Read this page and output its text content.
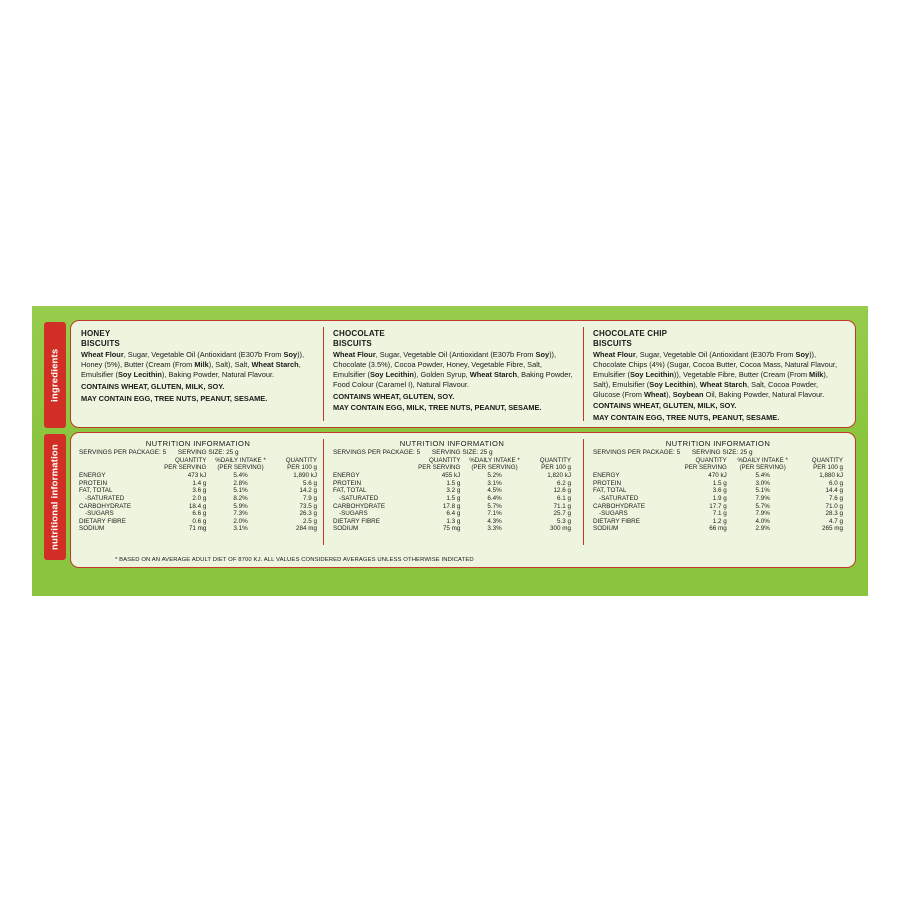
ingredients
nutritional information
HONEY
BISCUITS
Wheat Flour, Sugar, Vegetable Oil (Antioxidant (E307b From Soy)), Honey (5%), Butter (Cream (From Milk), Salt), Salt, Wheat Starch, Emulsifier (Soy Lecithin), Baking Powder, Natural Flavour.
CONTAINS WHEAT, GLUTEN, MILK, SOY.
MAY CONTAIN EGG, TREE NUTS, PEANUT, SESAME.
CHOCOLATE
BISCUITS
Wheat Flour, Sugar, Vegetable Oil (Antioxidant (E307b From Soy)), Chocolate (3.5%), Cocoa Powder, Honey, Vegetable Fibre, Salt, Emulsifier (Soy Lecithin), Golden Syrup, Wheat Starch, Baking Powder, Food Colour (Caramel I), Natural Flavour.
CONTAINS WHEAT, GLUTEN, SOY.
MAY CONTAIN EGG, MILK, TREE NUTS, PEANUT, SESAME.
CHOCOLATE CHIP
BISCUITS
Wheat Flour, Sugar, Vegetable Oil (Antioxidant (E307b From Soy)), Chocolate Chips (4%) (Sugar, Cocoa Butter, Cocoa Mass, Natural Flavour, Emulsifier (Soy Lecithin)), Vegetable Fibre, Butter (Cream (From Milk), Salt), Emulsifier (Soy Lecithin), Wheat Starch, Salt, Cocoa Powder, Glucose (From Wheat), Soybean Oil, Baking Powder, Natural Flavour.
CONTAINS WHEAT, GLUTEN, MILK, SOY.
MAY CONTAIN EGG, TREE NUTS, PEANUT, SESAME.
NUTRITION INFORMATION
SERVINGS PER PACKAGE: 5 SERVING SIZE: 25 g
	QUANTITY
PER SERVING	%DAILY INTAKE *
(PER SERVING)	QUANTITY
PER 100 g
ENERGY	473 kJ	5.4%	1,890 kJ
PROTEIN	1.4 g	2.8%	5.6 g
FAT, TOTAL	3.6 g	5.1%	14.2 g
-SATURATED	2.0 g	8.2%	7.9 g
CARBOHYDRATE	18.4 g	5.9%	73.5 g
-SUGARS	6.6 g	7.3%	26.3 g
DIETARY FIBRE	0.6 g	2.0%	2.5 g
SODIUM	71 mg	3.1%	284 mg
NUTRITION INFORMATION
SERVINGS PER PACKAGE: 5 SERVING SIZE: 25 g
	QUANTITY
PER SERVING	%DAILY INTAKE *
(PER SERVING)	QUANTITY
PER 100 g
ENERGY	455 kJ	5.2%	1,820 kJ
PROTEIN	1.5 g	3.1%	6.2 g
FAT, TOTAL	3.2 g	4.5%	12.6 g
-SATURATED	1.5 g	6.4%	6.1 g
CARBOHYDRATE	17.8 g	5.7%	71.1 g
-SUGARS	6.4 g	7.1%	25.7 g
DIETARY FIBRE	1.3 g	4.3%	5.3 g
SODIUM	75 mg	3.3%	300 mg
NUTRITION INFORMATION
SERVINGS PER PACKAGE: 5 SERVING SIZE: 25 g
	QUANTITY
PER SERVING	%DAILY INTAKE *
(PER SERVING)	QUANTITY
PER 100 g
ENERGY	470 kJ	5.4%	1,880 kJ
PROTEIN	1.5 g	3.0%	6.0 g
FAT, TOTAL	3.6 g	5.1%	14.4 g
-SATURATED	1.9 g	7.9%	7.6 g
CARBOHYDRATE	17.7 g	5.7%	71.0 g
-SUGARS	7.1 g	7.9%	28.3 g
DIETARY FIBRE	1.2 g	4.0%	4.7 g
SODIUM	66 mg	2.9%	265 mg
* BASED ON AN AVERAGE ADULT DIET OF 8700 KJ. ALL VALUES CONSIDERED AVERAGES UNLESS OTHERWISE INDICATED
